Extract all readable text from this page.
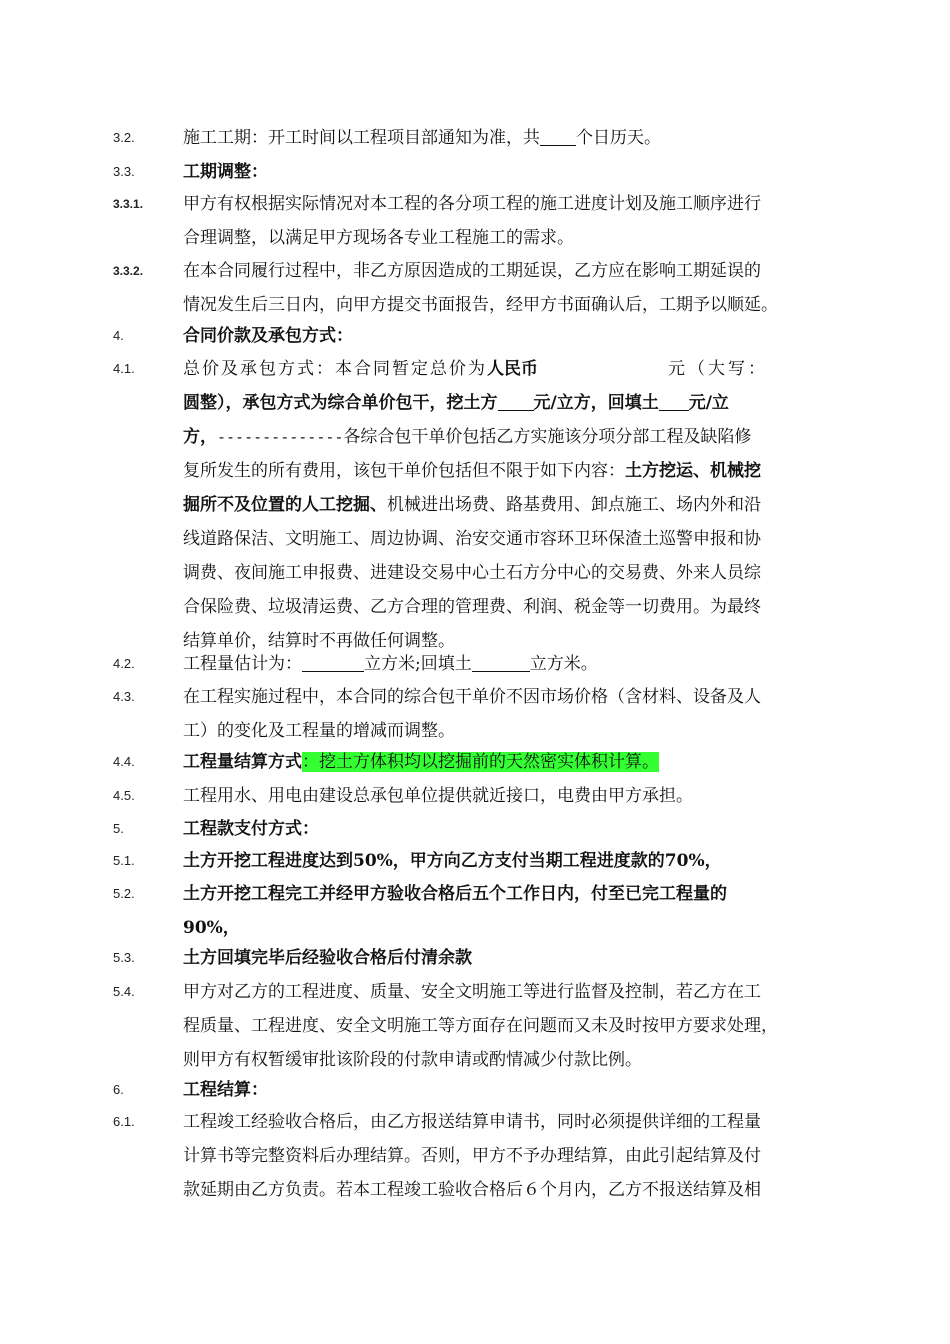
3.2.	施工工期：开工时间以工程项目部通知为准，共 个日历天。
3.3.	工期调整：
3.3.1. 甲方有权根据实际情况对本工程的各分项工程的施工进度计划及施工顺序进行
合理调整，以满足甲方现场各专业工程施工的需求。
3.3.2. 在本合同履行过程中，非乙方原因造成的工期延误，乙方应在影响工期延误的
情况发生后三日内，向甲方提交书面报告，经甲方书面确认后，工期予以顺延。
4.	合同价款及承包方式：
4.1.	总价及承包方式：本合同暂定总价为人民币	元（大写：
圆整），承包方式为综合单价包干，挖土方 元/立方，回填土 元/立
方，--------------各综合包干单价包括乙方实施该分项分部工程及缺陷修
复所发生的所有费用，该包干单价包括但不限于如下内容：土方挖运、机械挖
掘所不及位置的人工挖掘、机械进出场费、路基费用、卸点施工、场内外和沿
线道路保洁、文明施工、周边协调、治安交通市容环卫环保渣土巡警申报和协
调费、夜间施工申报费、进建设交易中心土石方分中心的交易费、外来人员综
合保险费、垃圾清运费、乙方合理的管理费、利润、税金等一切费用。为最终
结算单价，结算时不再做任何调整。
4.2.	工程量估计为：	立方米;回填土	立方米。
4.3.	在工程实施过程中，本合同的综合包干单价不因市场价格（含材料、设备及人
工）的变化及工程量的增减而调整。
4.4.	工程量结算方式：挖土方体积均以挖掘前的天然密实体积计算。
4.5.	工程用水、用电由建设总承包单位提供就近接口，电费由甲方承担。
5.	工程款支付方式：
5.1.	土方开挖工程进度达到50%，甲方向乙方支付当期工程进度款的70%，
5.2.	土方开挖工程完工并经甲方验收合格后五个工作日内，付至已完工程量的
90%，
5.3.	土方回填完毕后经验收合格后付清余款
5.4.	甲方对乙方的工程进度、质量、安全文明施工等进行监督及控制，若乙方在工
程质量、工程进度、安全文明施工等方面存在问题而又未及时按甲方要求处理，
则甲方有权暂缓审批该阶段的付款申请或酌情减少付款比例。
6.	工程结算：
6.1.	工程竣工经验收合格后，由乙方报送结算申请书，同时必须提供详细的工程量
计算书等完整资料后办理结算。否则，甲方不予办理结算，由此引起结算及付
款延期由乙方负责。若本工程竣工验收合格后６个月内，乙方不报送结算及相
